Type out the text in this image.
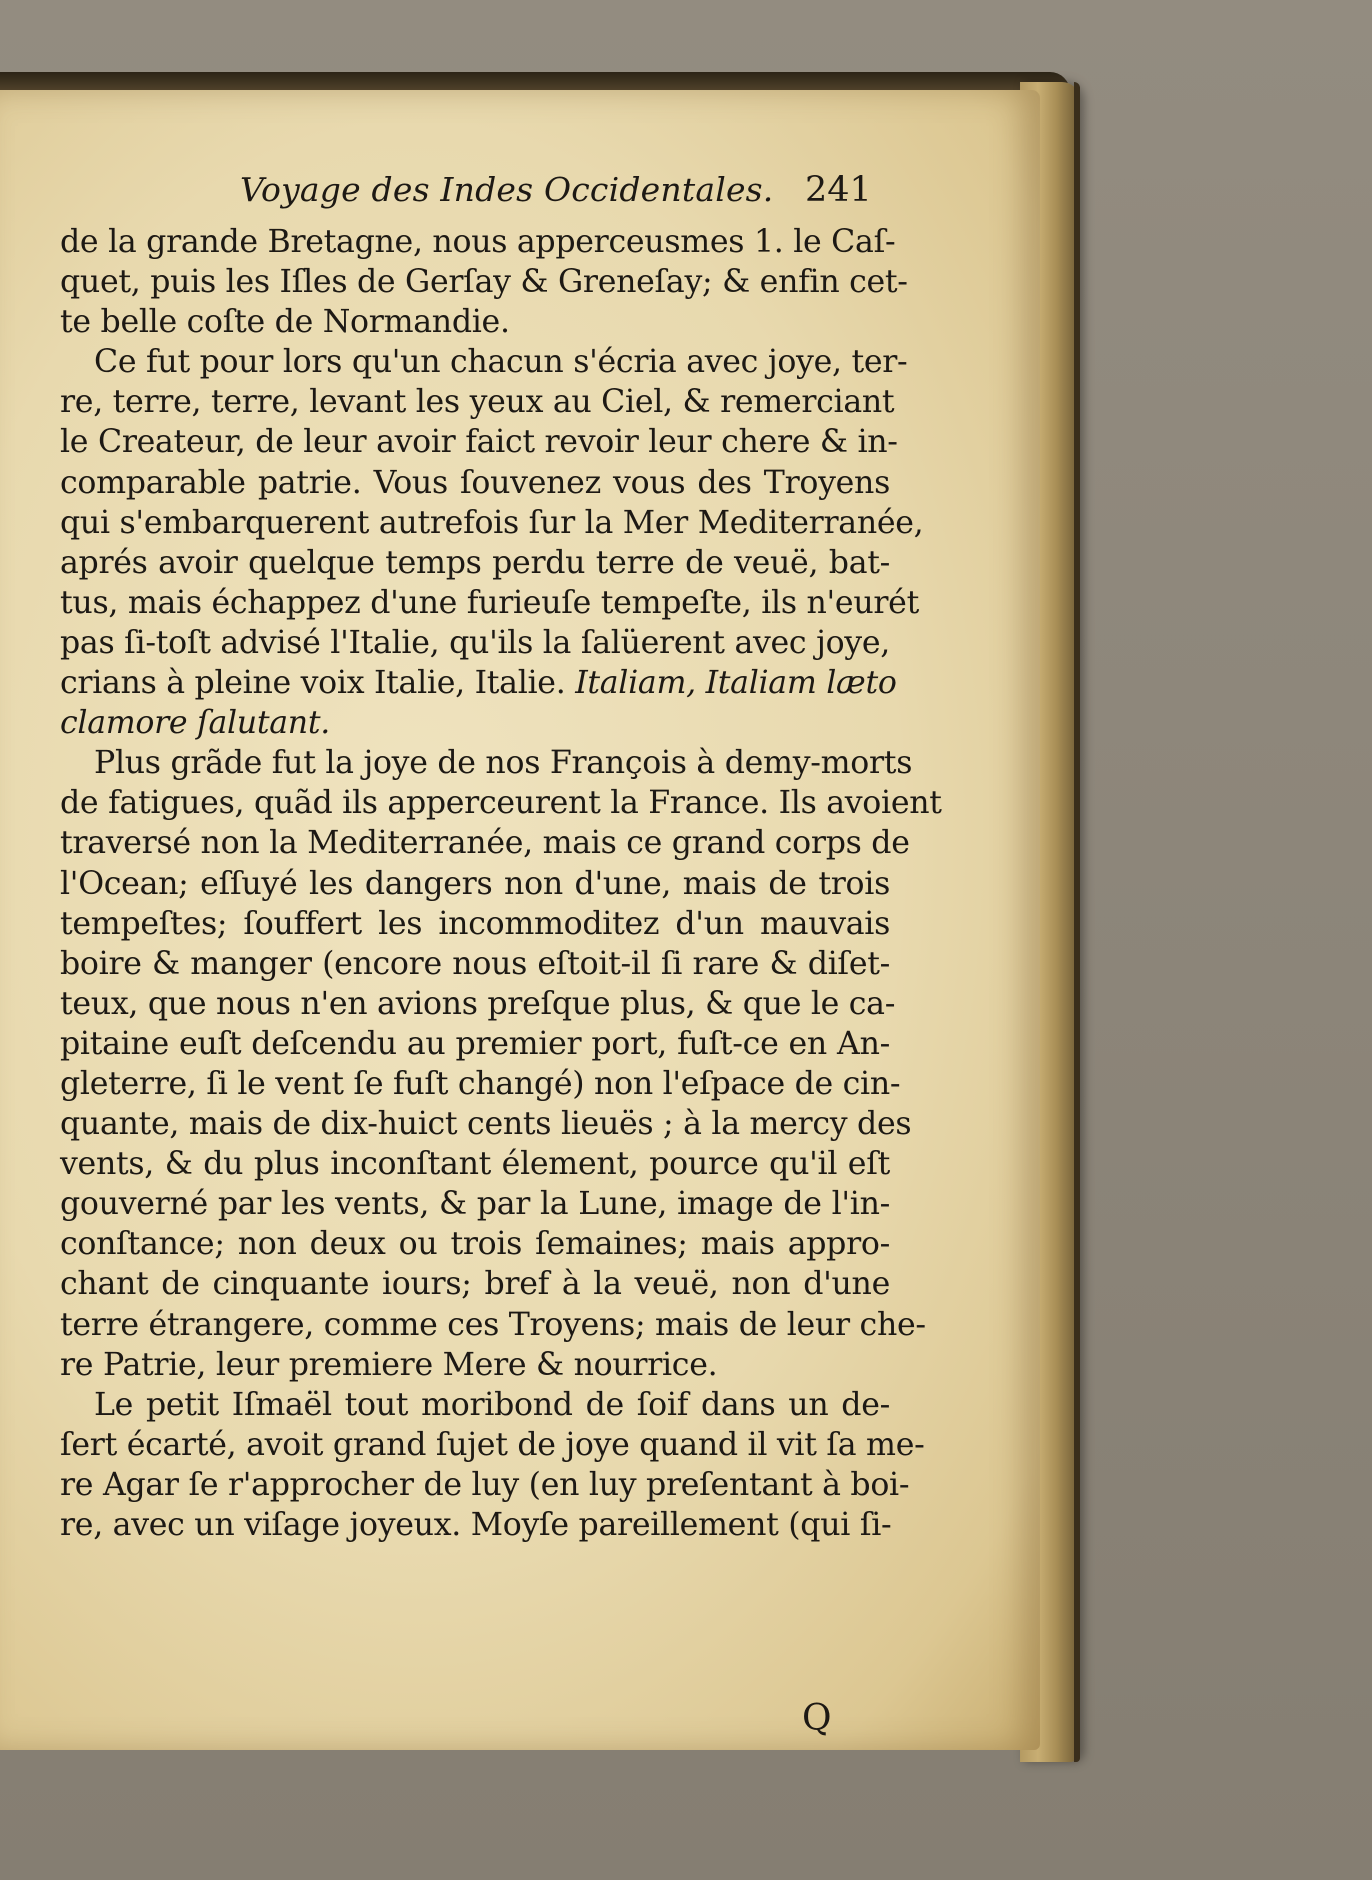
Voyage des Indes Occidentales. 241
de la grande Bretagne, nous apperceusmes 1. le Caſ-
quet, puis les Iſles de Gerſay & Greneſay; & enfin cet-
te belle coſte de Normandie.
Ce fut pour lors qu'un chacun s'écria avec joye, ter-
re, terre, terre, levant les yeux au Ciel, & remerciant
le Createur, de leur avoir faict revoir leur chere & in-
comparable patrie. Vous ſouvenez vous des Troyens
qui s'embarquerent autrefois ſur la Mer Mediterranée,
aprés avoir quelque temps perdu terre de veuë, bat-
tus, mais échappez d'une furieuſe tempeſte, ils n'eurét
pas ſi-toſt advisé l'Italie, qu'ils la ſalüerent avec joye,
crians à pleine voix Italie, Italie. Italiam, Italiam læto
clamore ſalutant.
Plus grãde fut la joye de nos François à demy-morts
de fatigues, quãd ils apperceurent la France. Ils avoient
traversé non la Mediterranée, mais ce grand corps de
l'Ocean; eſſuyé les dangers non d'une, mais de trois
tempeſtes; ſouffert les incommoditez d'un mauvais
boire & manger (encore nous eſtoit-il ſi rare & diſet-
teux, que nous n'en avions preſque plus, & que le ca-
pitaine euſt deſcendu au premier port, fuſt-ce en An-
gleterre, ſi le vent ſe fuſt changé) non l'eſpace de cin-
quante, mais de dix-huict cents lieuës ; à la mercy des
vents, & du plus inconſtant élement, pource qu'il eſt
gouverné par les vents, & par la Lune, image de l'in-
conſtance; non deux ou trois ſemaines; mais appro-
chant de cinquante iours; bref à la veuë, non d'une
terre étrangere, comme ces Troyens; mais de leur che-
re Patrie, leur premiere Mere & nourrice.
Le petit Iſmaël tout moribond de ſoif dans un de-
ſert écarté, avoit grand ſujet de joye quand il vit ſa me-
re Agar ſe r'approcher de luy (en luy preſentant à boi-
re, avec un viſage joyeux. Moyſe pareillement (qui ſi-
Q
